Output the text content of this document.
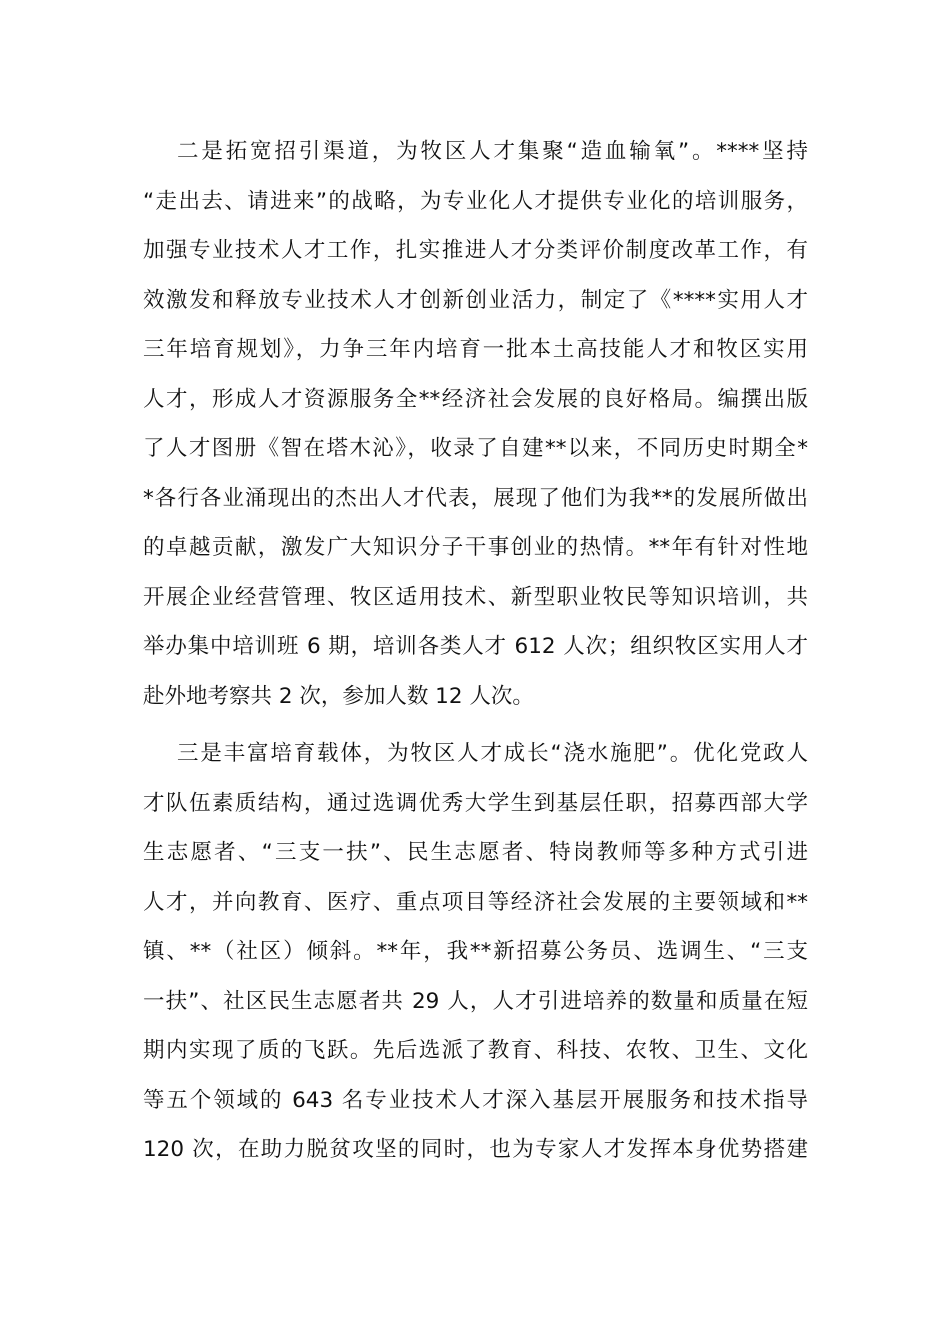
二是拓宽招引渠道，为牧区人才集聚“造血输氧”。****坚持
“走出去、请进来”的战略，为专业化人才提供专业化的培训服务，
加强专业技术人才工作，扎实推进人才分类评价制度改革工作，有
效激发和释放专业技术人才创新创业活力，制定了《****实用人才
三年培育规划》，力争三年内培育一批本土高技能人才和牧区实用
人才，形成人才资源服务全**经济社会发展的良好格局。编撰出版
了人才图册《智在塔木沁》，收录了自建**以来，不同历史时期全*
*各行各业涌现出的杰出人才代表，展现了他们为我**的发展所做出
的卓越贡献，激发广大知识分子干事创业的热情。**年有针对性地
开展企业经营管理、牧区适用技术、新型职业牧民等知识培训，共
举办集中培训班 6 期，培训各类人才 612 人次；组织牧区实用人才
赴外地考察共 2 次，参加人数 12 人次。
三是丰富培育载体，为牧区人才成长“浇水施肥”。优化党政人
才队伍素质结构，通过选调优秀大学生到基层任职，招募西部大学
生志愿者、“三支一扶”、民生志愿者、特岗教师等多种方式引进
人才，并向教育、医疗、重点项目等经济社会发展的主要领域和**
镇、**（社区）倾斜。**年，我**新招募公务员、选调生、“三支
一扶”、社区民生志愿者共 29 人，人才引进培养的数量和质量在短
期内实现了质的飞跃。先后选派了教育、科技、农牧、卫生、文化
等五个领域的 643 名专业技术人才深入基层开展服务和技术指导
120 次，在助力脱贫攻坚的同时，也为专家人才发挥本身优势搭建
